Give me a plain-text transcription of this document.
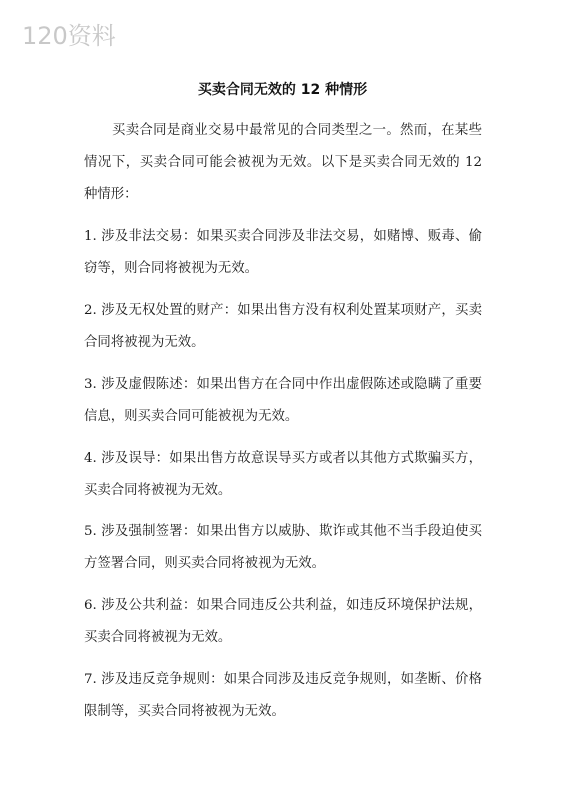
120资料
买卖合同无效的 12 种情形

买卖合同是商业交易中最常见的合同类型之一。然而，在某些情况下，买卖合同可能会被视为无效。以下是买卖合同无效的 12 种情形：

1. 涉及非法交易：如果买卖合同涉及非法交易，如赌博、贩毒、偷窃等，则合同将被视为无效。

2. 涉及无权处置的财产：如果出售方没有权利处置某项财产，买卖合同将被视为无效。

3. 涉及虚假陈述：如果出售方在合同中作出虚假陈述或隐瞒了重要信息，则买卖合同可能被视为无效。

4. 涉及误导：如果出售方故意误导买方或者以其他方式欺骗买方，买卖合同将被视为无效。

5. 涉及强制签署：如果出售方以威胁、欺诈或其他不当手段迫使买方签署合同，则买卖合同将被视为无效。

6. 涉及公共利益：如果合同违反公共利益，如违反环境保护法规，买卖合同将被视为无效。

7. 涉及违反竞争规则：如果合同涉及违反竞争规则，如垄断、价格限制等，买卖合同将被视为无效。
